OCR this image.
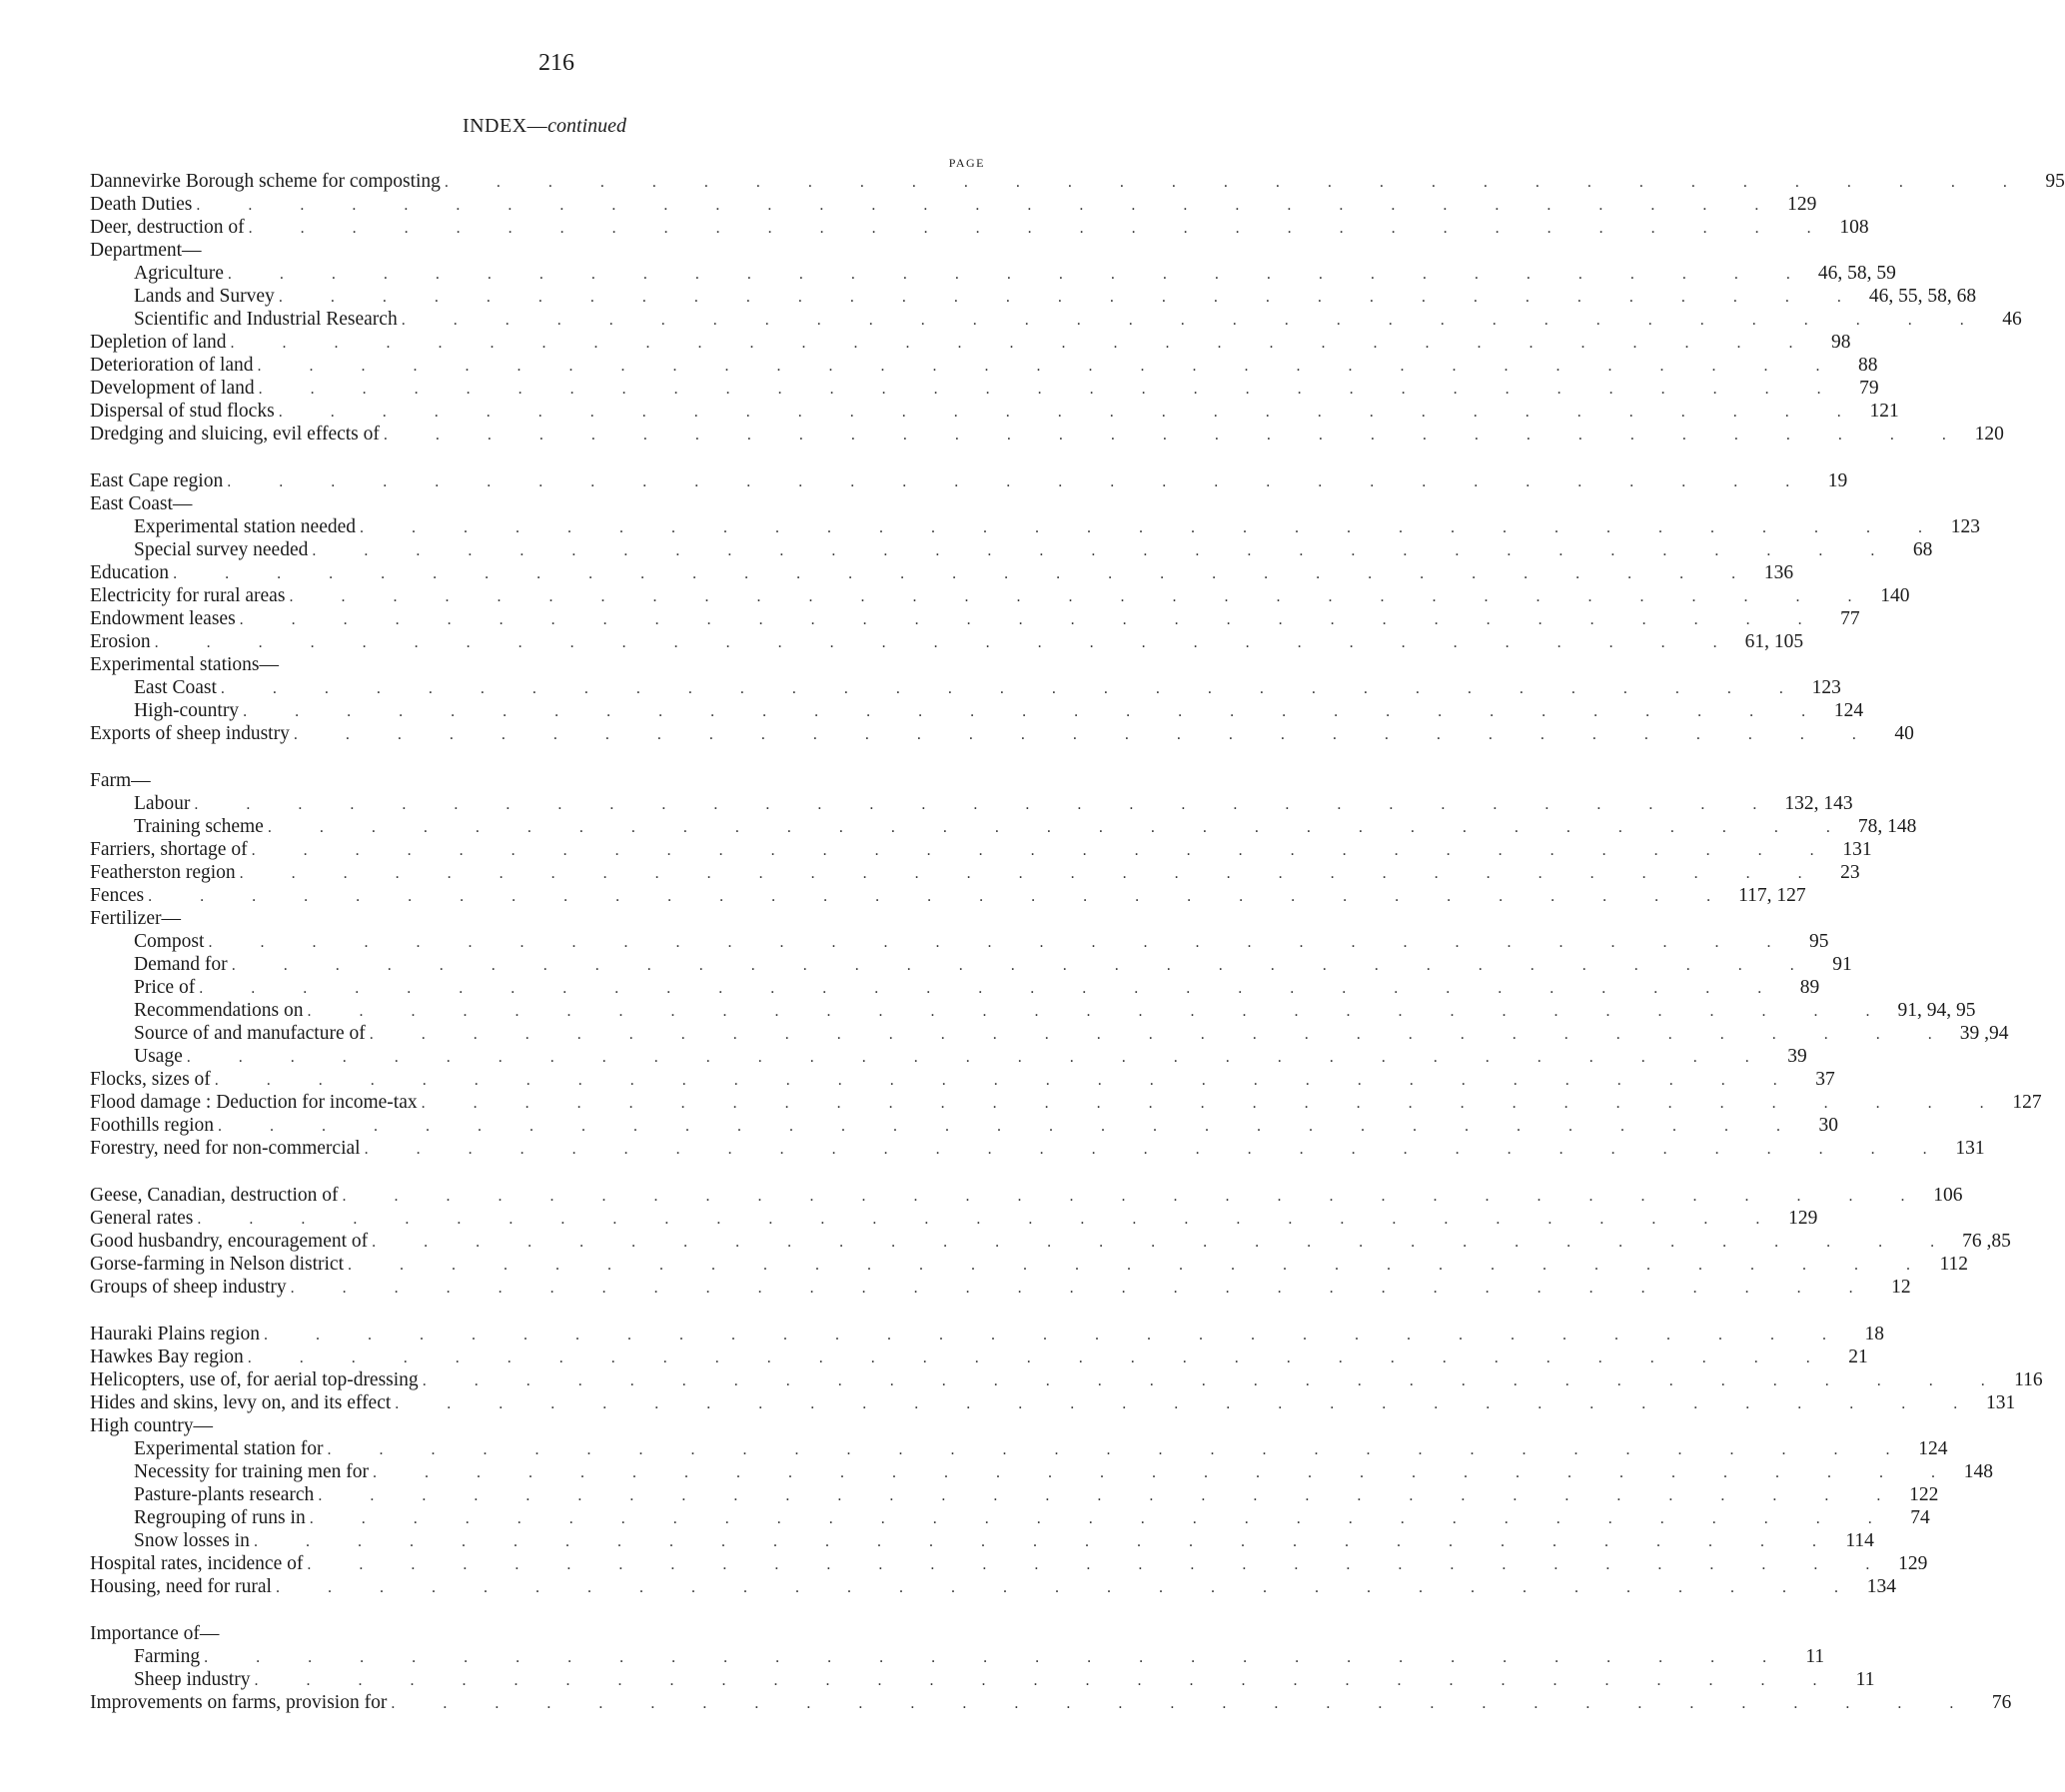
216
INDEX—continued
PAGE
Dannevirke Borough scheme for composting . . . . . . . . . . . . . . . . . . . . . . . . . . . . . . . 95
Death Duties . . . . . . . . . . . . . . . . . . . . . . . . . . . . . . . 129
Deer, destruction of . . . . . . . . . . . . . . . . . . . . . . . . . . . . . . . 108
Department—
Agriculture . . . . . . . . . . . . . . . . . . . . . . . . . . . . . . . 46, 58, 59
Lands and Survey . . . . . . . . . . . . . . . . . . . . . . . . . . . . . . . 46, 55, 58, 68
Scientific and Industrial Research . . . . . . . . . . . . . . . . . . . . . . . . . . . . . . . 46
Depletion of land . . . . . . . . . . . . . . . . . . . . . . . . . . . . . . . 98
Deterioration of land . . . . . . . . . . . . . . . . . . . . . . . . . . . . . . . 88
Development of land . . . . . . . . . . . . . . . . . . . . . . . . . . . . . . . 79
Dispersal of stud flocks . . . . . . . . . . . . . . . . . . . . . . . . . . . . . . . 121
Dredging and sluicing, evil effects of . . . . . . . . . . . . . . . . . . . . . . . . . . . . . . . 120
East Cape region . . . . . . . . . . . . . . . . . . . . . . . . . . . . . . . 19
East Coast—
Experimental station needed . . . . . . . . . . . . . . . . . . . . . . . . . . . . . . . 123
Special survey needed . . . . . . . . . . . . . . . . . . . . . . . . . . . . . . . 68
Education . . . . . . . . . . . . . . . . . . . . . . . . . . . . . . . 136
Electricity for rural areas . . . . . . . . . . . . . . . . . . . . . . . . . . . . . . . 140
Endowment leases . . . . . . . . . . . . . . . . . . . . . . . . . . . . . . . 77
Erosion . . . . . . . . . . . . . . . . . . . . . . . . . . . . . . . 61, 105
Experimental stations—
East Coast . . . . . . . . . . . . . . . . . . . . . . . . . . . . . . . 123
High-country . . . . . . . . . . . . . . . . . . . . . . . . . . . . . . . 124
Exports of sheep industry . . . . . . . . . . . . . . . . . . . . . . . . . . . . . . . 40
Farm—
Labour . . . . . . . . . . . . . . . . . . . . . . . . . . . . . . . 132, 143
Training scheme . . . . . . . . . . . . . . . . . . . . . . . . . . . . . . . 78, 148
Farriers, shortage of . . . . . . . . . . . . . . . . . . . . . . . . . . . . . . . 131
Featherston region . . . . . . . . . . . . . . . . . . . . . . . . . . . . . . . 23
Fences . . . . . . . . . . . . . . . . . . . . . . . . . . . . . . . 117, 127
Fertilizer—
Compost . . . . . . . . . . . . . . . . . . . . . . . . . . . . . . . 95
Demand for . . . . . . . . . . . . . . . . . . . . . . . . . . . . . . . 91
Price of . . . . . . . . . . . . . . . . . . . . . . . . . . . . . . . 89
Recommendations on . . . . . . . . . . . . . . . . . . . . . . . . . . . . . . . 91, 94, 95
Source of and manufacture of . . . . . . . . . . . . . . . . . . . . . . . . . . . . . . . 39 ,94
Usage . . . . . . . . . . . . . . . . . . . . . . . . . . . . . . . 39
Flocks, sizes of . . . . . . . . . . . . . . . . . . . . . . . . . . . . . . . 37
Flood damage : Deduction for income-tax . . . . . . . . . . . . . . . . . . . . . . . . . . . . . . . 127
Foothills region . . . . . . . . . . . . . . . . . . . . . . . . . . . . . . . 30
Forestry, need for non-commercial . . . . . . . . . . . . . . . . . . . . . . . . . . . . . . . 131
Geese, Canadian, destruction of . . . . . . . . . . . . . . . . . . . . . . . . . . . . . . . 106
General rates . . . . . . . . . . . . . . . . . . . . . . . . . . . . . . . 129
Good husbandry, encouragement of . . . . . . . . . . . . . . . . . . . . . . . . . . . . . . . 76 ,85
Gorse-farming in Nelson district . . . . . . . . . . . . . . . . . . . . . . . . . . . . . . . 112
Groups of sheep industry . . . . . . . . . . . . . . . . . . . . . . . . . . . . . . . 12
Hauraki Plains region . . . . . . . . . . . . . . . . . . . . . . . . . . . . . . . 18
Hawkes Bay region . . . . . . . . . . . . . . . . . . . . . . . . . . . . . . . 21
Helicopters, use of, for aerial top-dressing . . . . . . . . . . . . . . . . . . . . . . . . . . . . . . . 116
Hides and skins, levy on, and its effect . . . . . . . . . . . . . . . . . . . . . . . . . . . . . . . 131
High country—
Experimental station for . . . . . . . . . . . . . . . . . . . . . . . . . . . . . . . 124
Necessity for training men for . . . . . . . . . . . . . . . . . . . . . . . . . . . . . . . 148
Pasture-plants research . . . . . . . . . . . . . . . . . . . . . . . . . . . . . . . 122
Regrouping of runs in . . . . . . . . . . . . . . . . . . . . . . . . . . . . . . . 74
Snow losses in . . . . . . . . . . . . . . . . . . . . . . . . . . . . . . . 114
Hospital rates, incidence of . . . . . . . . . . . . . . . . . . . . . . . . . . . . . . . 129
Housing, need for rural . . . . . . . . . . . . . . . . . . . . . . . . . . . . . . . 134
Importance of—
Farming . . . . . . . . . . . . . . . . . . . . . . . . . . . . . . . 11
Sheep industry . . . . . . . . . . . . . . . . . . . . . . . . . . . . . . . 11
Improvements on farms, provision for . . . . . . . . . . . . . . . . . . . . . . . . . . . . . . . 76
